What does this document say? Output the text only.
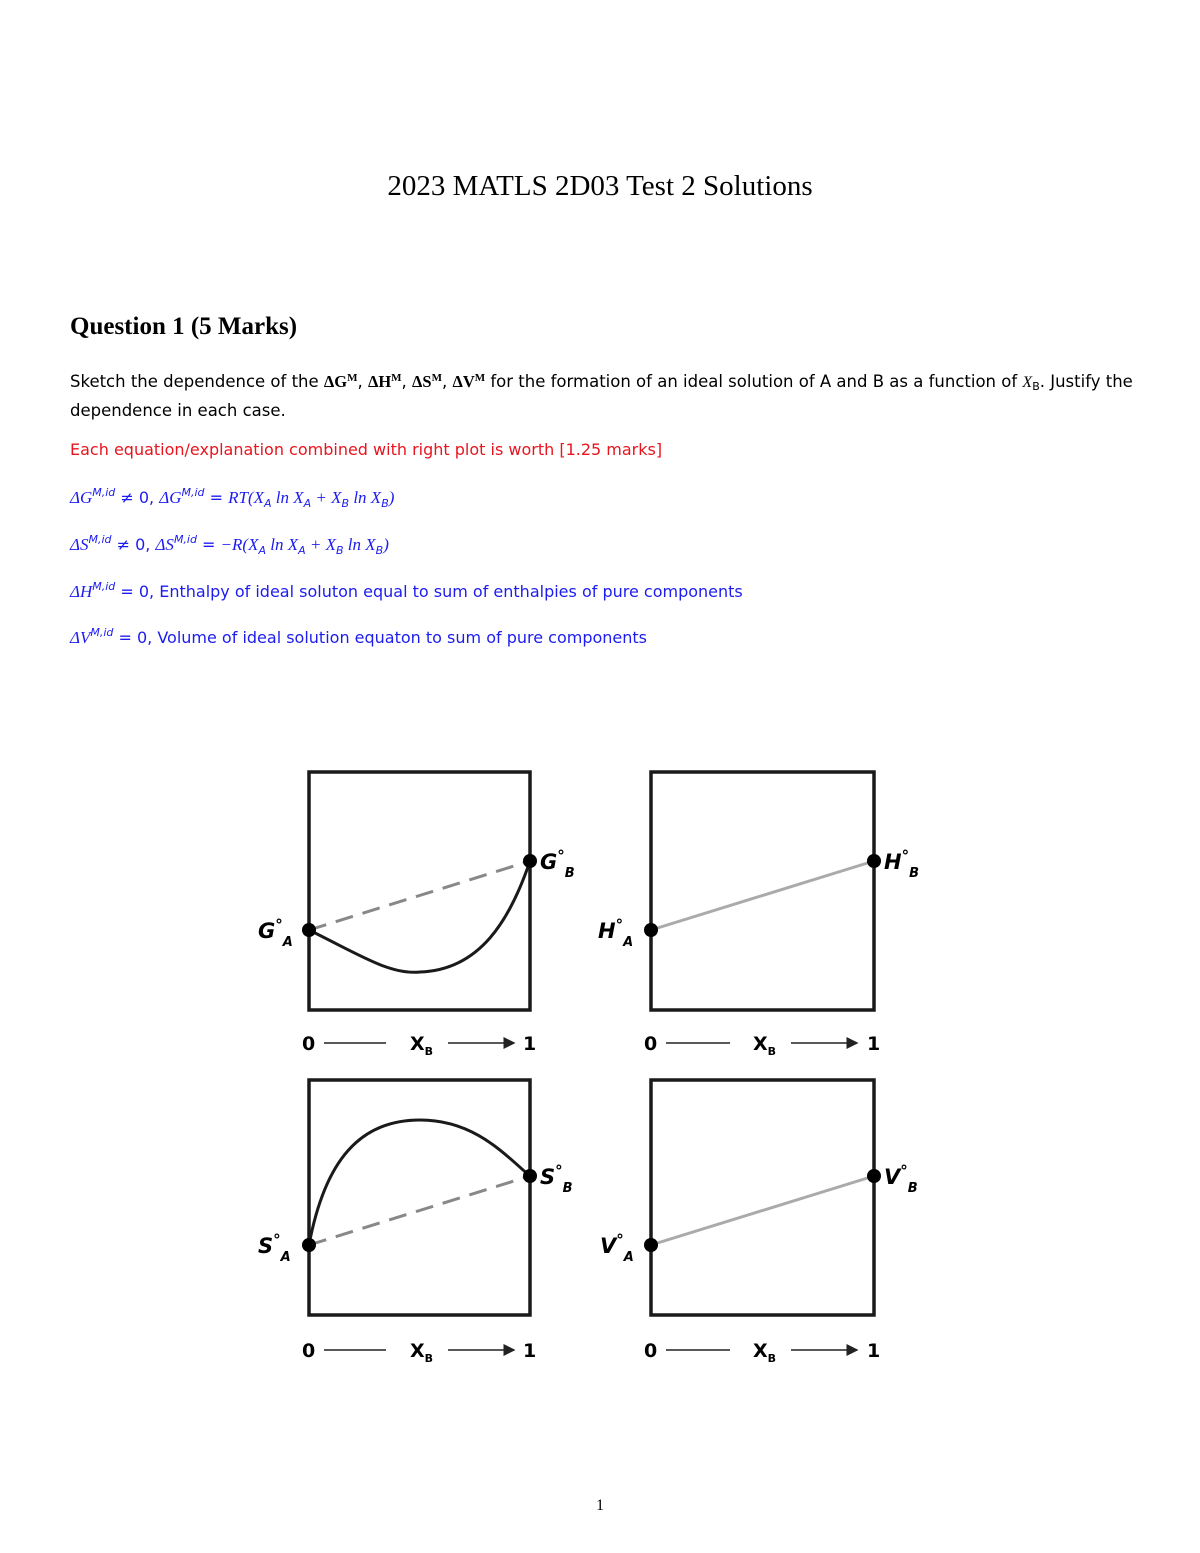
2023 MATLS 2D03 Test 2 Solutions
Question 1 (5 Marks)
Sketch the dependence of the $\Delta G^M$, $\Delta H^M$, $\Delta S^M$, $\Delta V^M$ for the formation of an ideal solution of A and B as a function of $X_B$. Justify the dependence in each case.
Each equation/explanation combined with right plot is worth [1.25 marks]
$\Delta G^{M,id} \ne 0$, $\Delta G^{M,id} = RT(X_A$ $\ln X_A + X_B$ $\ln X_B$)
$\Delta S^{M,id} \ne 0$, $\Delta S^{M,id} = -R(X_A$ $\ln X_A + X_B$ $\ln X_B$)
$\Delta H^{M,id} = 0$, Enthalpy of ideal soluton equal to sum of enthalpies of pure components
$\Delta V^{M,id} = 0$, Volume of ideal solution equaton to sum of pure components
$G^\circ_A$
$G^\circ_B$
0	$X_B$	1
$H^\circ_A$
$H^\circ_B$
0	$X_B$	1
$S^\circ_A$
$S^\circ_B$
0	$X_B$	1
$V^\circ_A$
$V^\circ_B$
0	$X_B$	1
1
